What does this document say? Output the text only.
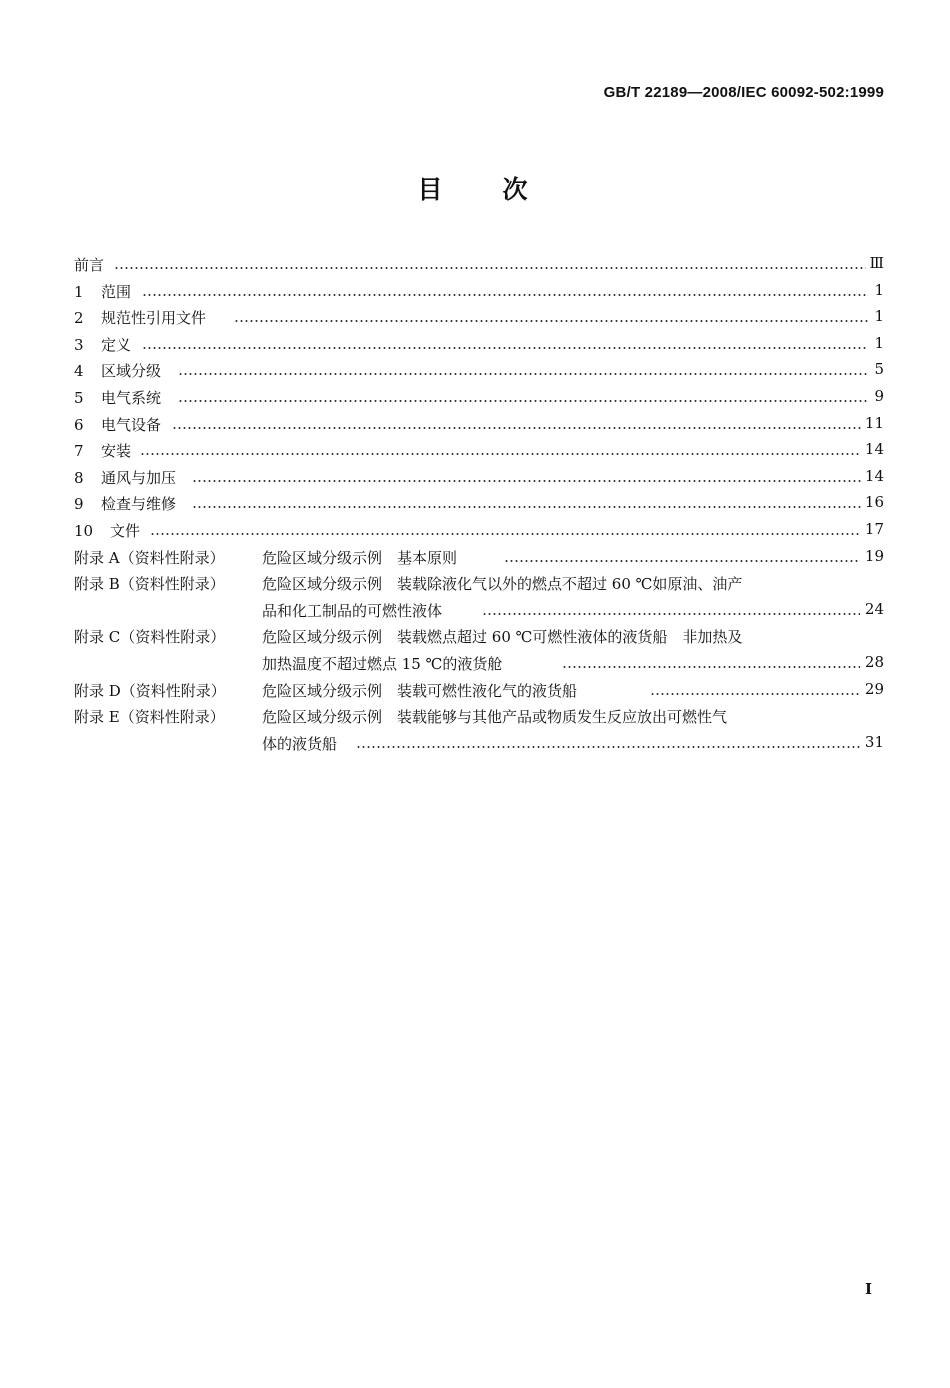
GB/T 22189—2008/IEC 60092-502:1999
目次
前言	Ⅲ
1 范围	1
2 规范性引用文件	1
3 定义	1
4 区域分级	5
5 电气系统	9
6 电气设备	11
7 安装	14
8 通风与加压	14
9 检查与维修	16
10 文件	17
附录 A（资料性附录） 危险区域分级示例　基本原则	19
附录 B（资料性附录） 危险区域分级示例　装载除液化气以外的燃点不超过 60 ℃如原油、油产
品和化工制品的可燃性液体	24
附录 C（资料性附录） 危险区域分级示例　装载燃点超过 60 ℃可燃性液体的液货船　非加热及
加热温度不超过燃点 15 ℃的液货舱	28
附录 D（资料性附录） 危险区域分级示例　装载可燃性液化气的液货船	29
附录 E（资料性附录） 危险区域分级示例　装载能够与其他产品或物质发生反应放出可燃性气
体的液货船	31
I
